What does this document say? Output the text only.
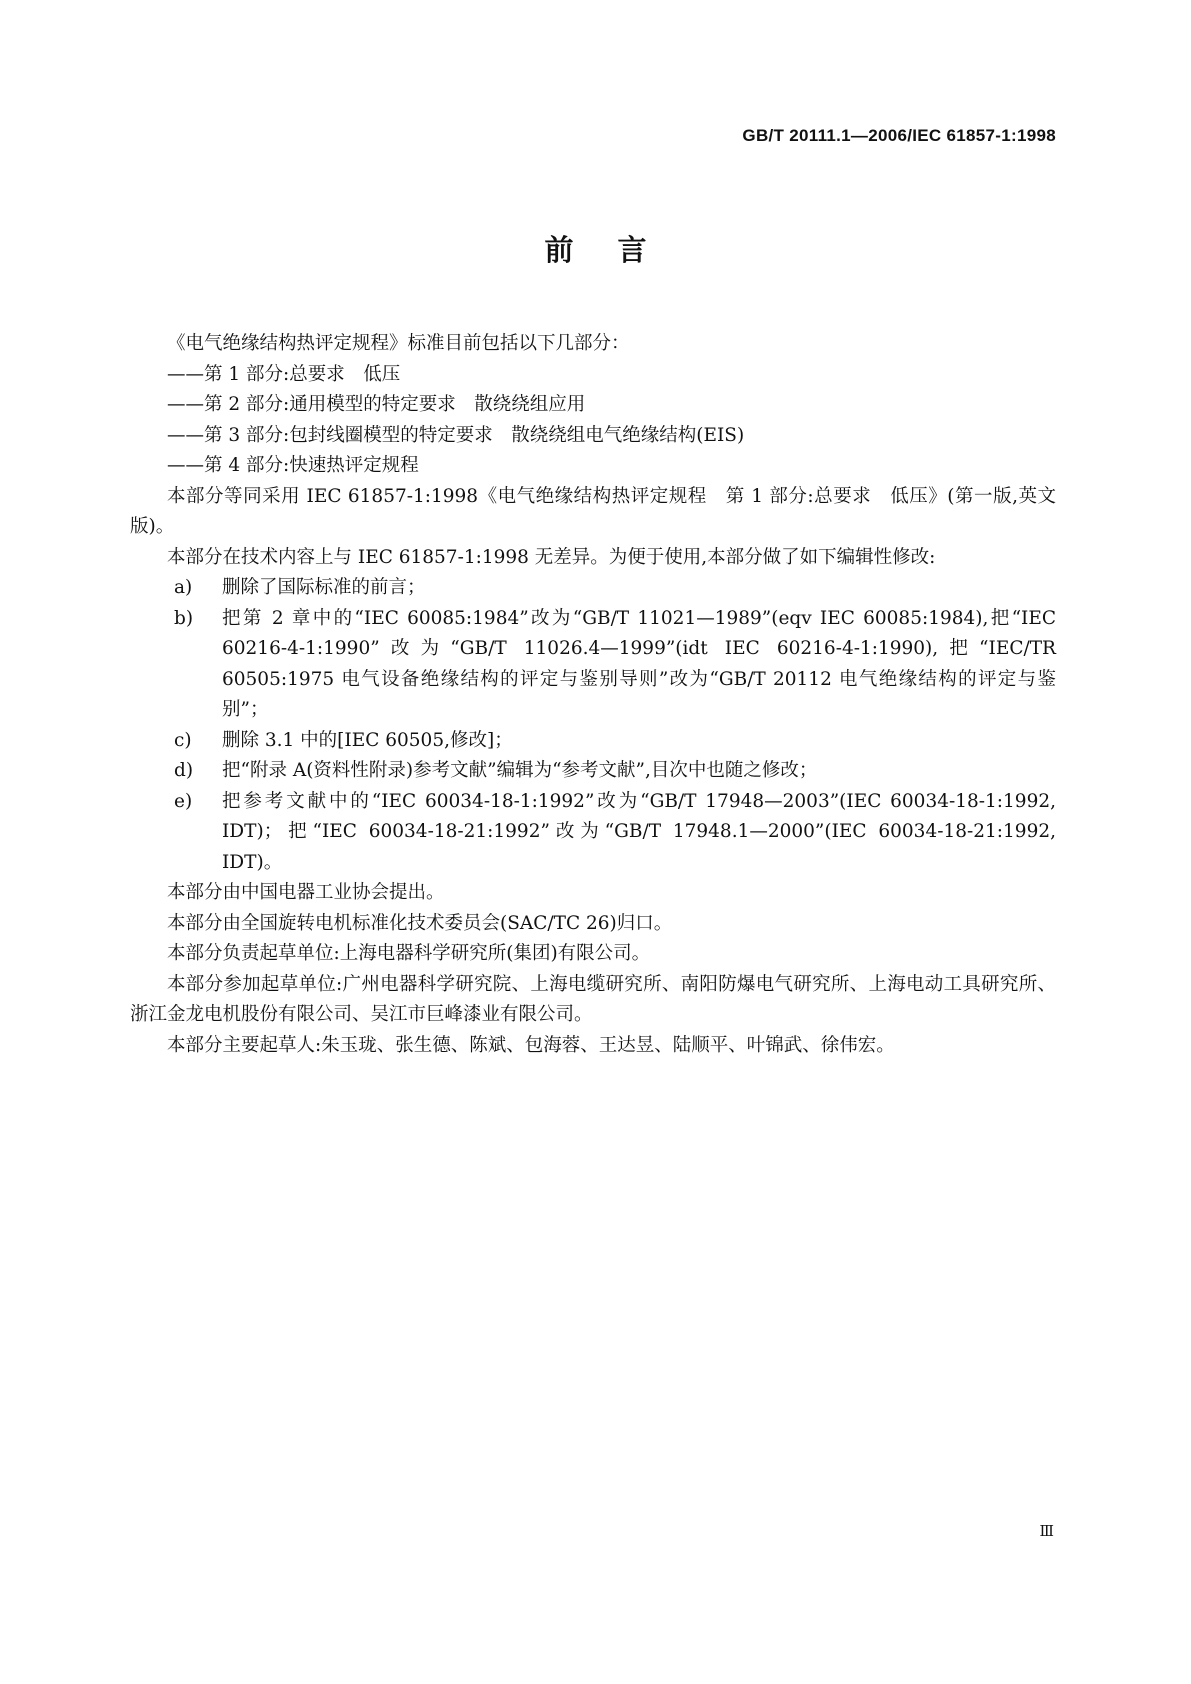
GB/T 20111.1—2006/IEC 61857-1:1998
前言

《电气绝缘结构热评定规程》标准目前包括以下几部分：

——第 1 部分:总要求　低压

——第 2 部分:通用模型的特定要求　散绕绕组应用

——第 3 部分:包封线圈模型的特定要求　散绕绕组电气绝缘结构(EIS)

——第 4 部分:快速热评定规程

本部分等同采用 IEC 61857-1:1998《电气绝缘结构热评定规程　第 1 部分:总要求　低压》(第一版,英文版)。

本部分在技术内容上与 IEC 61857-1:1998 无差异。为便于使用,本部分做了如下编辑性修改:

a) 删除了国际标准的前言；
b) 把第 2 章中的“IEC 60085:1984”改为“GB/T 11021—1989”(eqv IEC 60085:1984),把“IEC 60216-4-1:1990”改为“GB/T 11026.4—1999”(idt IEC 60216-4-1:1990),把“IEC/TR 60505:1975 电气设备绝缘结构的评定与鉴别导则”改为“GB/T 20112 电气绝缘结构的评定与鉴别”；
c) 删除 3.1 中的[IEC 60505,修改]；
d) 把“附录 A(资料性附录)参考文献”编辑为“参考文献”,目次中也随之修改；
e) 把参考文献中的“IEC 60034-18-1:1992”改为“GB/T 17948—2003”(IEC 60034-18-1:1992, IDT)；把“IEC 60034-18-21:1992”改为“GB/T 17948.1—2000”(IEC 60034-18-21:1992, IDT)。

本部分由中国电器工业协会提出。

本部分由全国旋转电机标准化技术委员会(SAC/TC 26)归口。

本部分负责起草单位:上海电器科学研究所(集团)有限公司。

本部分参加起草单位:广州电器科学研究院、上海电缆研究所、南阳防爆电气研究所、上海电动工具研究所、浙江金龙电机股份有限公司、吴江市巨峰漆业有限公司。

本部分主要起草人:朱玉珑、张生德、陈斌、包海蓉、王达昱、陆顺平、叶锦武、徐伟宏。

Ⅲ
